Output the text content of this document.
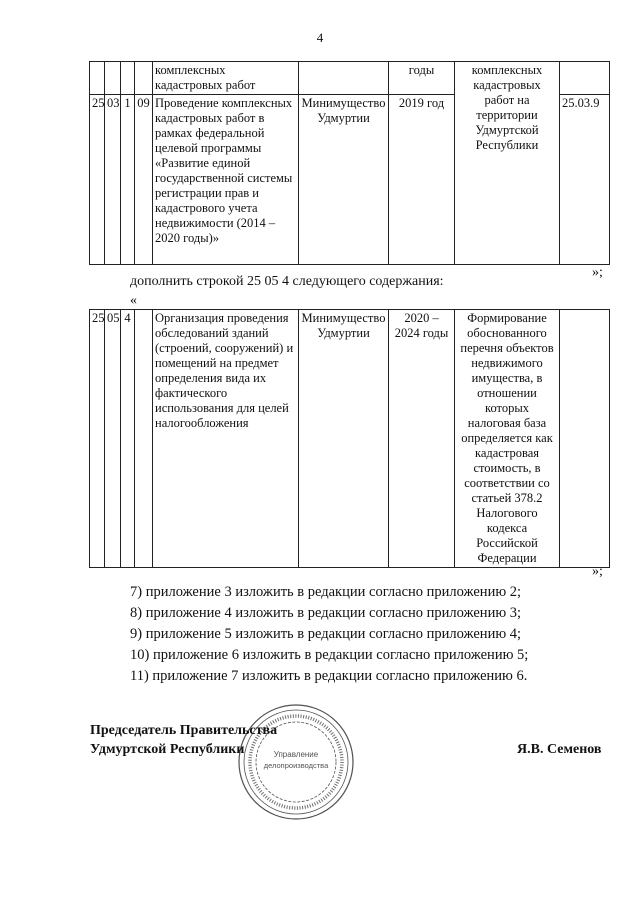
4
				комплексных кадастровых работ		годы	комплексных кадастровых работ на территории Удмуртской Республики	
25	03	1	09	Проведение комплексных кадастровых работ в рамках федеральной целевой программы «Развитие единой государственной системы регистрации прав и кадастрового учета недвижимости (2014 – 2020 годы)»	Минимущество Удмуртии	2019 год		25.03.9
»;
дополнить строкой 25 05 4 следующего содержания:
«
25	05	4		Организация проведения обследований зданий (строений, сооружений) и помещений на предмет определения вида их фактического использования для целей налогообложения	Минимущество Удмуртии	2020 – 2024 годы	Формирование обоснованного перечня объектов недвижимого имущества, в отношении которых налоговая база определяется как кадастровая стоимость, в соответствии со статьей 378.2 Налогового кодекса Российской Федерации	
»;
7) приложение 3 изложить в редакции согласно приложению 2;
8) приложение 4 изложить в редакции согласно приложению 3;
9) приложение 5 изложить в редакции согласно приложению 4;
10) приложение 6 изложить в редакции согласно приложению 5;
11) приложение 7 изложить в редакции согласно приложению 6.
Управление
делопроизводства
Председатель Правительства
Удмуртской Республики	Я.В. Семенов
